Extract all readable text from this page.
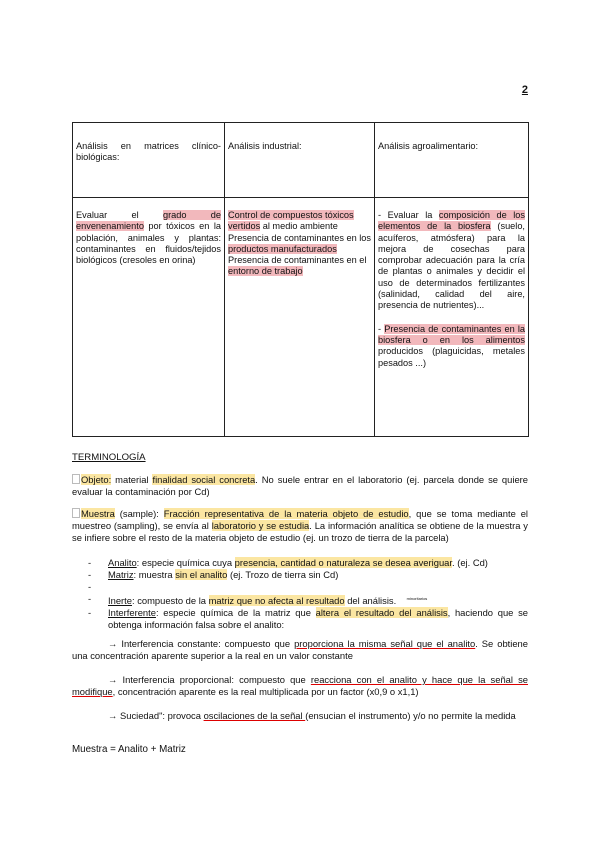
2
Análisis en matrices clínico-biológicas:	Análisis industrial:	Análisis agroalimentario:
Evaluar el grado de envenenamiento por tóxicos en la población, animales y plantas: contaminantes en fluidos/tejidos biológicos (cresoles en orina)	Control de compuestos tóxicos vertidos al medio ambiente Presencia de contaminantes en los productos manufacturados Presencia de contaminantes en el entorno de trabajo	- Evaluar la composición de los elementos de la biosfera (suelo, acuíferos, atmósfera) para la mejora de cosechas para comprobar adecuación para la cría de plantas o animales y decidir el uso de determinados fertilizantes (salinidad, calidad del aire, presencia de nutrientes)...
- Presencia de contaminantes en la biosfera o en los alimentos producidos (plaguicidas, metales pesados ...)
TERMINOLOGÍA
Objeto: material finalidad social concreta. No suele entrar en el laboratorio (ej. parcela donde se quiere evaluar la contaminación por Cd)
Muestra (sample): Fracción representativa de la materia objeto de estudio, que se toma mediante el muestreo (sampling), se envía al laboratorio y se estudia. La información analítica se obtiene de la muestra y se infiere sobre el resto de la materia objeto de estudio (ej. un trozo de tierra de la parcela)
- Analito: especie química cuya presencia, cantidad o naturaleza se desea averiguar. (ej. Cd)
- Matriz: muestra sin el analito (ej. Trozo de tierra sin Cd)
-
- Inerte: compuesto de la matriz que no afecta al resultado del análisis.	$^{minoritarios}$
- Interferente: especie química de la matriz que altera el resultado del análisis, haciendo que se obtenga información falsa sobre el analito:
→ Interferencia constante: compuesto que proporciona la misma señal que el analito. Se obtiene una concentración aparente superior a la real en un valor constante
→ Interferencia proporcional: compuesto que reacciona con el analito y hace que la señal se modifique, concentración aparente es la real multiplicada por un factor (x0,9 o x1,1)
→ Suciedad": provoca oscilaciones de la señal (ensucian el instrumento) y/o no permite la medida
Muestra = Analito + Matriz
